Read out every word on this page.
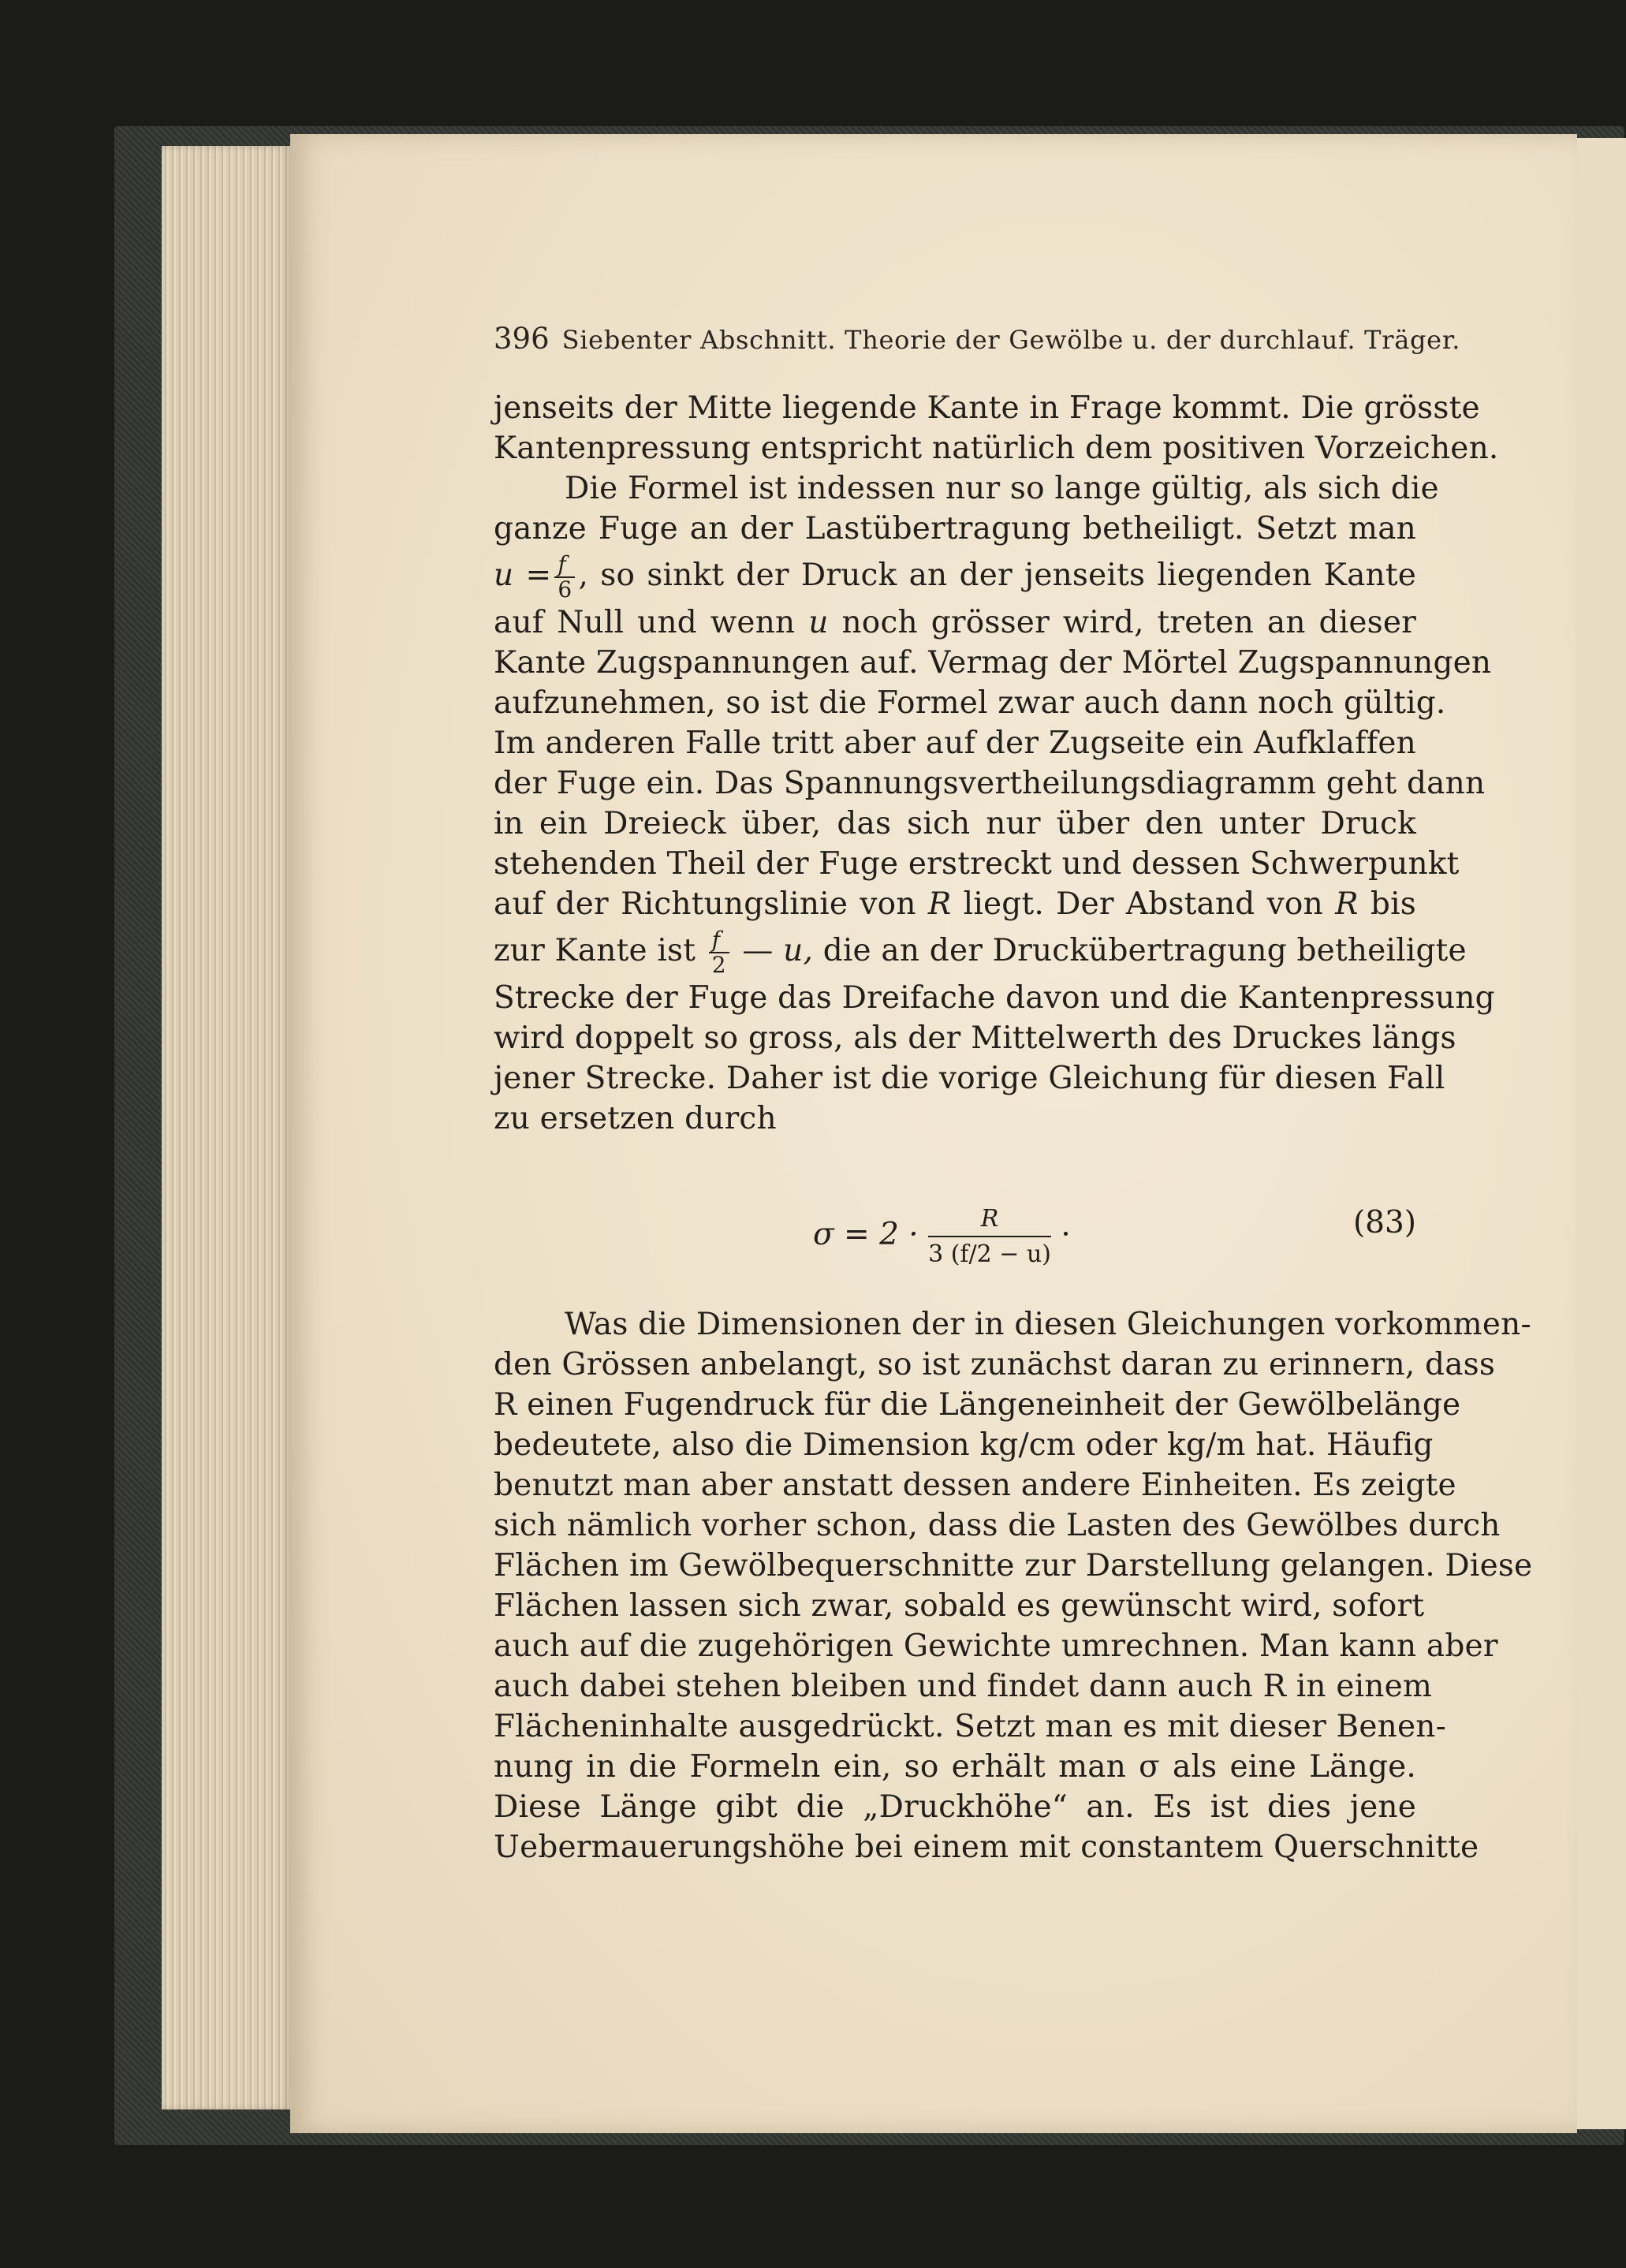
396 Siebenter Abschnitt. Theorie der Gewölbe u. der durchlauf. Träger.
jenseits der Mitte liegende Kante in Frage kommt. Die grösste
Kantenpressung entspricht natürlich dem positiven Vorzeichen.
Die Formel ist indessen nur so lange gültig, als sich die
ganze Fuge an der Lastübertragung betheiligt. Setzt man
$u = \frac{f}{6}$ , so sinkt der Druck an der jenseits liegenden Kante
auf Null und wenn u noch grösser wird, treten an dieser
Kante Zugspannungen auf. Vermag der Mörtel Zugspannungen
aufzunehmen, so ist die Formel zwar auch dann noch gültig.
Im anderen Falle tritt aber auf der Zugseite ein Aufklaffen
der Fuge ein. Das Spannungsvertheilungsdiagramm geht dann
in ein Dreieck über, das sich nur über den unter Druck
stehenden Theil der Fuge erstreckt und dessen Schwerpunkt
auf der Richtungslinie von R liegt. Der Abstand von R bis
zur Kante ist $\frac{f}{2}$ — u, die an der Druckübertragung betheiligte
Strecke der Fuge das Dreifache davon und die Kantenpressung
wird doppelt so gross, als der Mittelwerth des Druckes längs
jener Strecke. Daher ist die vorige Gleichung für diesen Fall
zu ersetzen durch
$\sigma = 2 \cdot \frac{R}{3 (f/2 - u)}$ ·	(83)
Was die Dimensionen der in diesen Gleichungen vorkommen-
den Grössen anbelangt, so ist zunächst daran zu erinnern, dass
R einen Fugendruck für die Längeneinheit der Gewölbelänge
bedeutete, also die Dimension kg/cm oder kg/m hat. Häufig
benutzt man aber anstatt dessen andere Einheiten. Es zeigte
sich nämlich vorher schon, dass die Lasten des Gewölbes durch
Flächen im Gewölbequerschnitte zur Darstellung gelangen. Diese
Flächen lassen sich zwar, sobald es gewünscht wird, sofort
auch auf die zugehörigen Gewichte umrechnen. Man kann aber
auch dabei stehen bleiben und findet dann auch R in einem
Flächeninhalte ausgedrückt. Setzt man es mit dieser Benen-
nung in die Formeln ein, so erhält man σ als eine Länge.
Diese Länge gibt die „Druckhöhe“ an. Es ist dies jene
Uebermauerungshöhe bei einem mit constantem Querschnitte
